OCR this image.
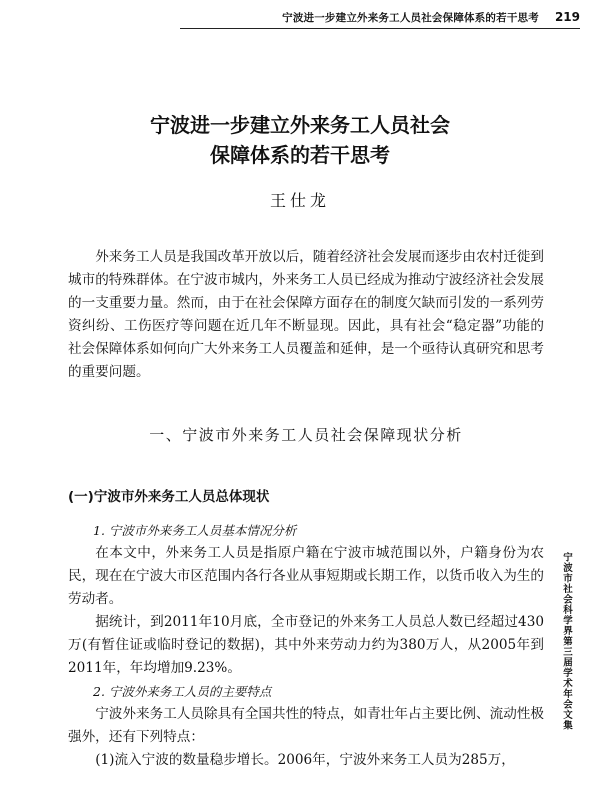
宁波进一步建立外来务工人员社会保障体系的若干思考 219
宁波进一步建立外来务工人员社会
保障体系的若干思考
王仕龙

外来务工人员是我国改革开放以后，随着经济社会发展而逐步由农村迁徙到城市的特殊群体。在宁波市城内，外来务工人员已经成为推动宁波经济社会发展的一支重要力量。然而，由于在社会保障方面存在的制度欠缺而引发的一系列劳资纠纷、工伤医疗等问题在近几年不断显现。因此，具有社会“稳定器”功能的社会保障体系如何向广大外来务工人员覆盖和延伸，是一个亟待认真研究和思考的重要问题。

一、宁波市外来务工人员社会保障现状分析
(一)宁波市外来务工人员总体现状

1. 宁波市外来务工人员基本情况分析

在本文中，外来务工人员是指原户籍在宁波市城范围以外，户籍身份为农民，现在在宁波大市区范围内各行各业从事短期或长期工作，以货币收入为生的劳动者。

据统计，到2011年10月底，全市登记的外来务工人员总人数已经超过430万(有暂住证或临时登记的数据)，其中外来劳动力约为380万人，从2005年到2011年，年均增加9.23%。

2. 宁波外来务工人员的主要特点

宁波外来务工人员除具有全国共性的特点，如青壮年占主要比例、流动性极强外，还有下列特点：

(1)流入宁波的数量稳步增长。2006年，宁波外来务工人员为285万，

宁波市社会科学界第三届学术年会文集
